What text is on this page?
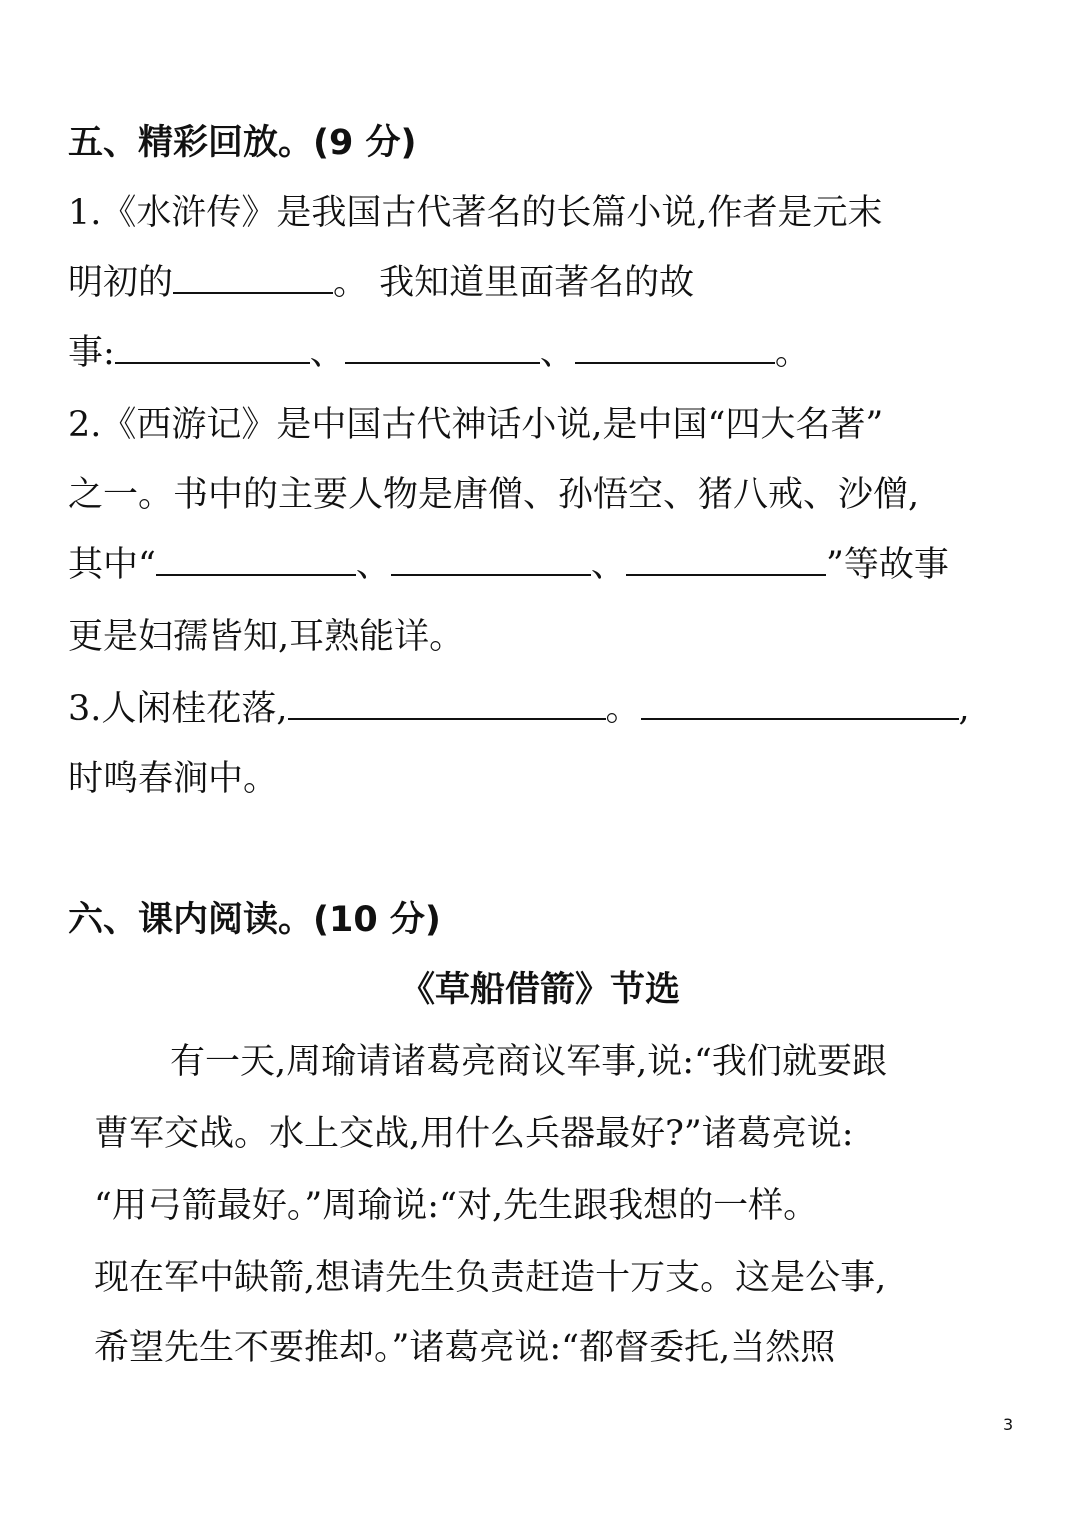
五、精彩回放。(9 分)
1.《水浒传》是我国古代著名的长篇小说,作者是元末
明初的	。 我知道里面著名的故
事:	、	、	。
2.《西游记》是中国古代神话小说,是中国“四大名著”
之一。书中的主要人物是唐僧、孙悟空、猪八戒、沙僧,
其中“	、	、	”等故事
更是妇孺皆知,耳熟能详。
3.人闲桂花落,	。	,
时鸣春涧中。
六、课内阅读。(10 分)
《草船借箭》节选
有一天,周瑜请诸葛亮商议军事,说:“我们就要跟
曹军交战。水上交战,用什么兵器最好?”诸葛亮说:
“用弓箭最好。”周瑜说:“对,先生跟我想的一样。
现在军中缺箭,想请先生负责赶造十万支。这是公事,
希望先生不要推却。”诸葛亮说:“都督委托,当然照
3
